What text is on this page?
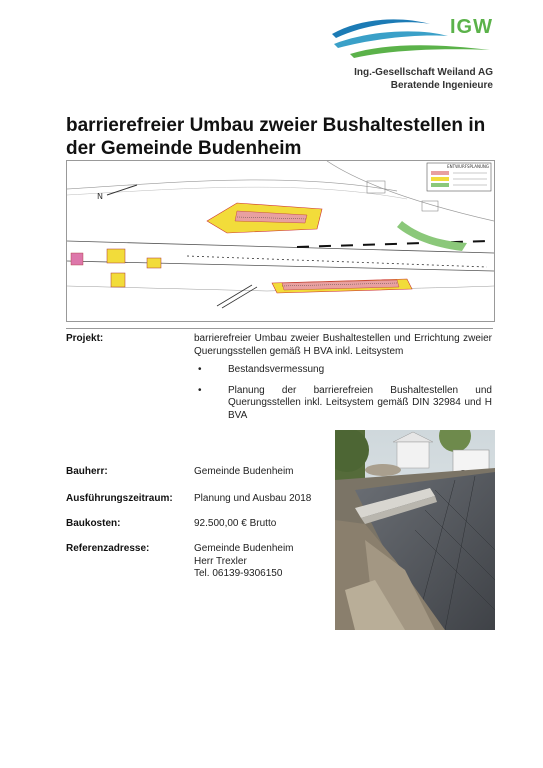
IGW
Ing.-Gesellschaft Weiland AG
Beratende Ingenieure
barrierefreier Umbau zweier Bushaltestellen in der Gemeinde Budenheim
N
ENTWURFSPLANUNG
Projekt:	barrierefreier Umbau zweier Bushaltestellen und Errichtung zweier Querungsstellen gemäß H BVA inkl. Leitsystem
•	Bestandsvermessung
•	Planung der barrierefreien Bushaltestellen und Querungsstellen inkl. Leitsystem gemäß DIN 32984 und H BVA
Bauherr:	Gemeinde Budenheim
Ausführungszeitraum: Planung und Ausbau 2018
Baukosten:	92.500,00 € Brutto
Referenzadresse:	Gemeinde Budenheim
Herr Trexler
Tel. 06139-9306150
